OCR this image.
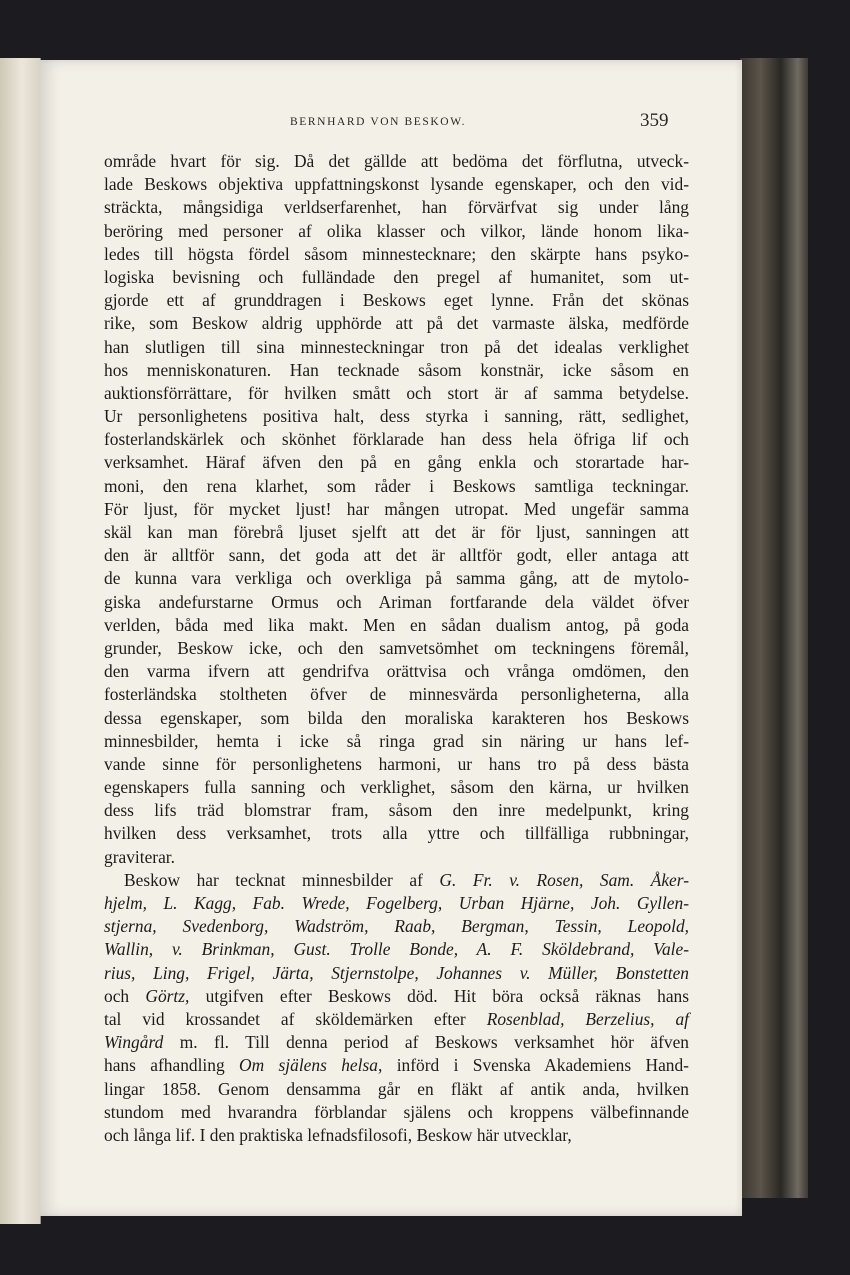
BERNHARD VON BESKOW.	359
område hvart för sig. Då det gällde att bedöma det förflutna, utveck-
lade Beskows objektiva uppfattningskonst lysande egenskaper, och den vid-
sträckta, mångsidiga verldserfarenhet, han förvärfvat sig under lång
beröring med personer af olika klasser och vilkor, lände honom lika-
ledes till högsta fördel såsom minnestecknare; den skärpte hans psyko-
logiska bevisning och fulländade den pregel af humanitet, som ut-
gjorde ett af grunddragen i Beskows eget lynne. Från det skönas
rike, som Beskow aldrig upphörde att på det varmaste älska, medförde
han slutligen till sina minnesteckningar tron på det idealas verklighet
hos menniskonaturen. Han tecknade såsom konstnär, icke såsom en
auktionsförrättare, för hvilken smått och stort är af samma betydelse.
Ur personlighetens positiva halt, dess styrka i sanning, rätt, sedlighet,
fosterlandskärlek och skönhet förklarade han dess hela öfriga lif och
verksamhet. Häraf äfven den på en gång enkla och storartade har-
moni, den rena klarhet, som råder i Beskows samtliga teckningar.
För ljust, för mycket ljust! har mången utropat. Med ungefär samma
skäl kan man förebrå ljuset sjelft att det är för ljust, sanningen att
den är alltför sann, det goda att det är alltför godt, eller antaga att
de kunna vara verkliga och overkliga på samma gång, att de mytolo-
giska andefurstarne Ormus och Ariman fortfarande dela väldet öfver
verlden, båda med lika makt. Men en sådan dualism antog, på goda
grunder, Beskow icke, och den samvetsömhet om teckningens föremål,
den varma ifvern att gendrifva orättvisa och vrånga omdömen, den
fosterländska stoltheten öfver de minnesvärda personligheterna, alla
dessa egenskaper, som bilda den moraliska karakteren hos Beskows
minnesbilder, hemta i icke så ringa grad sin näring ur hans lef-
vande sinne för personlighetens harmoni, ur hans tro på dess bästa
egenskapers fulla sanning och verklighet, såsom den kärna, ur hvilken
dess lifs träd blomstrar fram, såsom den inre medelpunkt, kring
hvilken dess verksamhet, trots alla yttre och tillfälliga rubbningar,
graviterar.
Beskow har tecknat minnesbilder af G. Fr. v. Rosen, Sam. Åker-
hjelm, L. Kagg, Fab. Wrede, Fogelberg, Urban Hjärne, Joh. Gyllen-
stjerna, Svedenborg, Wadström, Raab, Bergman, Tessin, Leopold,
Wallin, v. Brinkman, Gust. Trolle Bonde, A. F. Sköldebrand, Vale-
rius, Ling, Frigel, Järta, Stjernstolpe, Johannes v. Müller, Bonstetten
och Görtz, utgifven efter Beskows död. Hit böra också räknas hans
tal vid krossandet af sköldemärken efter Rosenblad, Berzelius, af
Wingård m. fl. Till denna period af Beskows verksamhet hör äfven
hans afhandling Om själens helsa, införd i Svenska Akademiens Hand-
lingar 1858. Genom densamma går en fläkt af antik anda, hvilken
stundom med hvarandra förblandar själens och kroppens välbefinnande
och långa lif. I den praktiska lefnadsfilosofi, Beskow här utvecklar,
